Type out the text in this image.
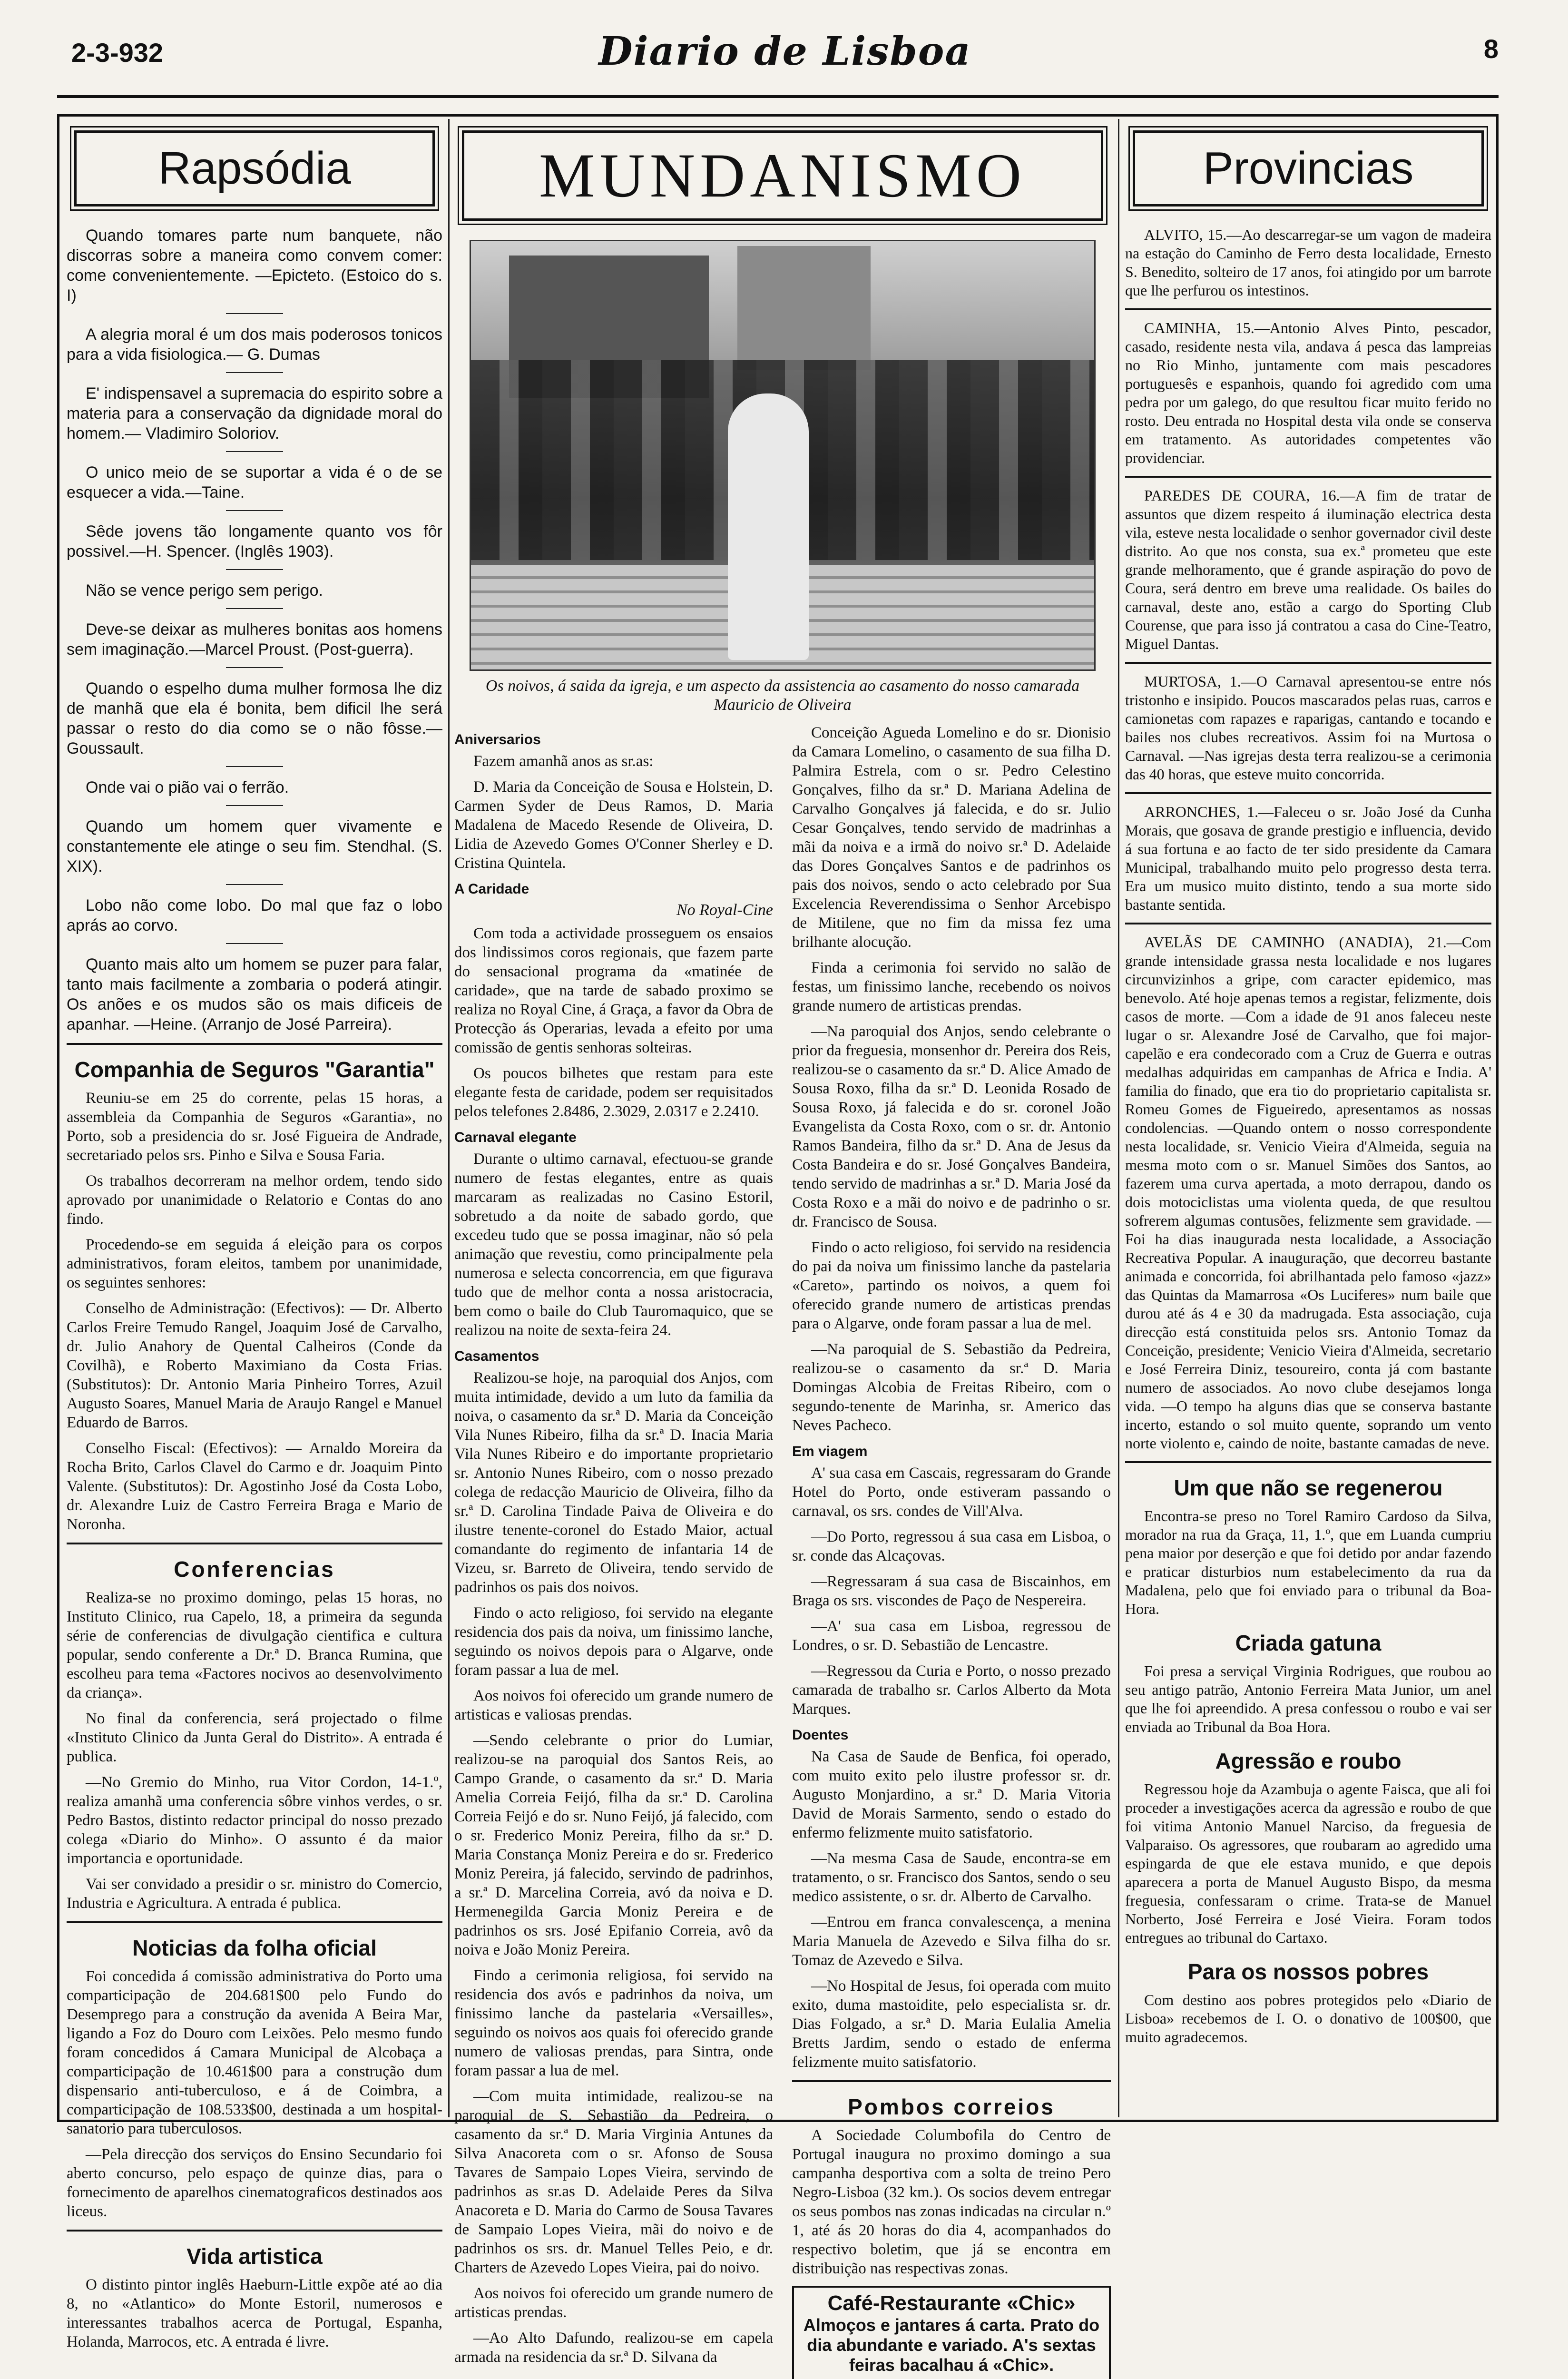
2-3-932	Diario de Lisboa	8
Rapsódia

Quando tomares parte num banquete, não discorras sobre a maneira como convem comer: come convenientemente. —Epicteto. (Estoico do s. I)

A alegria moral é um dos mais poderosos tonicos para a vida fisiologica.— G. Dumas

E' indispensavel a supremacia do espirito sobre a materia para a conservação da dignidade moral do homem.— Vladimiro Soloriov.

O unico meio de se suportar a vida é o de se esquecer a vida.—Taine.

Sêde jovens tão longamente quanto vos fôr possivel.—H. Spencer. (Inglês 1903).

Não se vence perigo sem perigo.

Deve-se deixar as mulheres bonitas aos homens sem imaginação.—Marcel Proust. (Post-guerra).

Quando o espelho duma mulher formosa lhe diz de manhã que ela é bonita, bem dificil lhe será passar o resto do dia como se o não fôsse.—Goussault.

Onde vai o pião vai o ferrão.

Quando um homem quer vivamente e constantemente ele atinge o seu fim. Stendhal. (S. XIX).

Lobo não come lobo. Do mal que faz o lobo aprás ao corvo.

Quanto mais alto um homem se puzer para falar, tanto mais facilmente a zombaria o poderá atingir. Os anões e os mudos são os mais dificeis de apanhar. —Heine. (Arranjo de José Parreira).

Companhia de Seguros "Garantia"

Reuniu-se em 25 do corrente, pelas 15 horas, a assembleia da Companhia de Seguros «Garantia», no Porto, sob a presidencia do sr. José Figueira de Andrade, secretariado pelos srs. Pinho e Silva e Sousa Faria.

Os trabalhos decorreram na melhor ordem, tendo sido aprovado por unanimidade o Relatorio e Contas do ano findo.

Procedendo-se em seguida á eleição para os corpos administrativos, foram eleitos, tambem por unanimidade, os seguintes senhores:

Conselho de Administração: (Efectivos): — Dr. Alberto Carlos Freire Temudo Rangel, Joaquim José de Carvalho, dr. Julio Anahory de Quental Calheiros (Conde da Covilhã), e Roberto Maximiano da Costa Frias. (Substitutos): Dr. Antonio Maria Pinheiro Torres, Azuil Augusto Soares, Manuel Maria de Araujo Rangel e Manuel Eduardo de Barros.

Conselho Fiscal: (Efectivos): — Arnaldo Moreira da Rocha Brito, Carlos Clavel do Carmo e dr. Joaquim Pinto Valente. (Substitutos): Dr. Agostinho José da Costa Lobo, dr. Alexandre Luiz de Castro Ferreira Braga e Mario de Noronha.

Conferencias

Realiza-se no proximo domingo, pelas 15 horas, no Instituto Clinico, rua Capelo, 18, a primeira da segunda série de conferencias de divulgação cientifica e cultura popular, sendo conferente a Dr.ª D. Branca Rumina, que escolheu para tema «Factores nocivos ao desenvolvimento da criança».

No final da conferencia, será projectado o filme «Instituto Clinico da Junta Geral do Distrito». A entrada é publica.

—No Gremio do Minho, rua Vitor Cordon, 14-1.º, realiza amanhã uma conferencia sôbre vinhos verdes, o sr. Pedro Bastos, distinto redactor principal do nosso prezado colega «Diario do Minho». O assunto é da maior importancia e oportunidade.

Vai ser convidado a presidir o sr. ministro do Comercio, Industria e Agricultura. A entrada é publica.

Noticias da folha oficial

Foi concedida á comissão administrativa do Porto uma comparticipação de 204.681$00 pelo Fundo do Desemprego para a construção da avenida A Beira Mar, ligando a Foz do Douro com Leixões. Pelo mesmo fundo foram concedidos á Camara Municipal de Alcobaça a comparticipação de 10.461$00 para a construção dum dispensario anti-tuberculoso, e á de Coimbra, a comparticipação de 108.533$00, destinada a um hospital-sanatorio para tuberculosos.

—Pela direcção dos serviços do Ensino Secundario foi aberto concurso, pelo espaço de quinze dias, para o fornecimento de aparelhos cinematograficos destinados aos liceus.

Vida artistica

O distinto pintor inglês Haeburn-Little expõe até ao dia 8, no «Atlantico» do Monte Estoril, numerosos e interessantes trabalhos acerca de Portugal, Espanha, Holanda, Marrocos, etc. A entrada é livre.

MUNDANISMO
Os noivos, á saida da igreja, e um aspecto da assistencia ao casamento do nosso camarada Mauricio de Oliveira
Aniversarios

Fazem amanhã anos as sr.as:

D. Maria da Conceição de Sousa e Holstein, D. Carmen Syder de Deus Ramos, D. Maria Madalena de Macedo Resende de Oliveira, D. Lidia de Azevedo Gomes O'Conner Sherley e D. Cristina Quintela.

A Caridade
No Royal-Cine

Com toda a actividade prosseguem os ensaios dos lindissimos coros regionais, que fazem parte do sensacional programa da «matinée de caridade», que na tarde de sabado proximo se realiza no Royal Cine, á Graça, a favor da Obra de Protecção ás Operarias, levada a efeito por uma comissão de gentis senhoras solteiras.

Os poucos bilhetes que restam para este elegante festa de caridade, podem ser requisitados pelos telefones 2.8486, 2.3029, 2.0317 e 2.2410.

Carnaval elegante

Durante o ultimo carnaval, efectuou-se grande numero de festas elegantes, entre as quais marcaram as realizadas no Casino Estoril, sobretudo a da noite de sabado gordo, que excedeu tudo que se possa imaginar, não só pela animação que revestiu, como principalmente pela numerosa e selecta concorrencia, em que figurava tudo que de melhor conta a nossa aristocracia, bem como o baile do Club Tauromaquico, que se realizou na noite de sexta-feira 24.

Casamentos

Realizou-se hoje, na paroquial dos Anjos, com muita intimidade, devido a um luto da familia da noiva, o casamento da sr.ª D. Maria da Conceição Vila Nunes Ribeiro, filha da sr.ª D. Inacia Maria Vila Nunes Ribeiro e do importante proprietario sr. Antonio Nunes Ribeiro, com o nosso prezado colega de redacção Mauricio de Oliveira, filho da sr.ª D. Carolina Tindade Paiva de Oliveira e do ilustre tenente-coronel do Estado Maior, actual comandante do regimento de infantaria 14 de Vizeu, sr. Barreto de Oliveira, tendo servido de padrinhos os pais dos noivos.

Findo o acto religioso, foi servido na elegante residencia dos pais da noiva, um finissimo lanche, seguindo os noivos depois para o Algarve, onde foram passar a lua de mel.

Aos noivos foi oferecido um grande numero de artisticas e valiosas prendas.

—Sendo celebrante o prior do Lumiar, realizou-se na paroquial dos Santos Reis, ao Campo Grande, o casamento da sr.ª D. Maria Amelia Correia Feijó, filha da sr.ª D. Carolina Correia Feijó e do sr. Nuno Feijó, já falecido, com o sr. Frederico Moniz Pereira, filho da sr.ª D. Maria Constança Moniz Pereira e do sr. Frederico Moniz Pereira, já falecido, servindo de padrinhos, a sr.ª D. Marcelina Correia, avó da noiva e D. Hermenegilda Garcia Moniz Pereira e de padrinhos os srs. José Epifanio Correia, avô da noiva e João Moniz Pereira.

Findo a cerimonia religiosa, foi servido na residencia dos avós e padrinhos da noiva, um finissimo lanche da pastelaria «Versailles», seguindo os noivos aos quais foi oferecido grande numero de valiosas prendas, para Sintra, onde foram passar a lua de mel.

—Com muita intimidade, realizou-se na paroquial de S. Sebastião da Pedreira, o casamento da sr.ª D. Maria Virginia Antunes da Silva Anacoreta com o sr. Afonso de Sousa Tavares de Sampaio Lopes Vieira, servindo de padrinhos as sr.as D. Adelaide Peres da Silva Anacoreta e D. Maria do Carmo de Sousa Tavares de Sampaio Lopes Vieira, mãi do noivo e de padrinhos os srs. dr. Manuel Telles Peio, e dr. Charters de Azevedo Lopes Vieira, pai do noivo.

Aos noivos foi oferecido um grande numero de artisticas prendas.

—Ao Alto Dafundo, realizou-se em capela armada na residencia da sr.ª D. Silvana da

Conceição Agueda Lomelino e do sr. Dionisio da Camara Lomelino, o casamento de sua filha D. Palmira Estrela, com o sr. Pedro Celestino Gonçalves, filho da sr.ª D. Mariana Adelina de Carvalho Gonçalves já falecida, e do sr. Julio Cesar Gonçalves, tendo servido de madrinhas a mãi da noiva e a irmã do noivo sr.ª D. Adelaide das Dores Gonçalves Santos e de padrinhos os pais dos noivos, sendo o acto celebrado por Sua Excelencia Reverendissima o Senhor Arcebispo de Mitilene, que no fim da missa fez uma brilhante alocução.

Finda a cerimonia foi servido no salão de festas, um finissimo lanche, recebendo os noivos grande numero de artisticas prendas.

—Na paroquial dos Anjos, sendo celebrante o prior da freguesia, monsenhor dr. Pereira dos Reis, realizou-se o casamento da sr.ª D. Alice Amado de Sousa Roxo, filha da sr.ª D. Leonida Rosado de Sousa Roxo, já falecida e do sr. coronel João Evangelista da Costa Roxo, com o sr. dr. Antonio Ramos Bandeira, filho da sr.ª D. Ana de Jesus da Costa Bandeira e do sr. José Gonçalves Bandeira, tendo servido de madrinhas a sr.ª D. Maria José da Costa Roxo e a mãi do noivo e de padrinho o sr. dr. Francisco de Sousa.

Findo o acto religioso, foi servido na residencia do pai da noiva um finissimo lanche da pastelaria «Careto», partindo os noivos, a quem foi oferecido grande numero de artisticas prendas para o Algarve, onde foram passar a lua de mel.

—Na paroquial de S. Sebastião da Pedreira, realizou-se o casamento da sr.ª D. Maria Domingas Alcobia de Freitas Ribeiro, com o segundo-tenente de Marinha, sr. Americo das Neves Pacheco.

Em viagem

A' sua casa em Cascais, regressaram do Grande Hotel do Porto, onde estiveram passando o carnaval, os srs. condes de Vill'Alva.

—Do Porto, regressou á sua casa em Lisboa, o sr. conde das Alcaçovas.

—Regressaram á sua casa de Biscainhos, em Braga os srs. viscondes de Paço de Nespereira.

—A' sua casa em Lisboa, regressou de Londres, o sr. D. Sebastião de Lencastre.

—Regressou da Curia e Porto, o nosso prezado camarada de trabalho sr. Carlos Alberto da Mota Marques.

Doentes

Na Casa de Saude de Benfica, foi operado, com muito exito pelo ilustre professor sr. dr. Augusto Monjardino, a sr.ª D. Maria Vitoria David de Morais Sarmento, sendo o estado do enfermo felizmente muito satisfatorio.

—Na mesma Casa de Saude, encontra-se em tratamento, o sr. Francisco dos Santos, sendo o seu medico assistente, o sr. dr. Alberto de Carvalho.

—Entrou em franca convalescença, a menina Maria Manuela de Azevedo e Silva filha do sr. Tomaz de Azevedo e Silva.

—No Hospital de Jesus, foi operada com muito exito, duma mastoidite, pelo especialista sr. dr. Dias Folgado, a sr.ª D. Maria Eulalia Amelia Bretts Jardim, sendo o estado de enferma felizmente muito satisfatorio.

Pombos correios

A Sociedade Columbofila do Centro de Portugal inaugura no proximo domingo a sua campanha desportiva com a solta de treino Pero Negro-Lisboa (32 km.). Os socios devem entregar os seus pombos nas zonas indicadas na circular n.º 1, até ás 20 horas do dia 4, acompanhados do respectivo boletim, que já se encontra em distribuição nas respectivas zonas.

Café-Restaurante «Chic»
Almoços e jantares á carta. Prato do dia abundante e variado. A's sextas feiras bacalhau á «Chic».
Provincias

ALVITO, 15.—Ao descarregar-se um vagon de madeira na estação do Caminho de Ferro desta localidade, Ernesto S. Benedito, solteiro de 17 anos, foi atingido por um barrote que lhe perfurou os intestinos.

CAMINHA, 15.—Antonio Alves Pinto, pescador, casado, residente nesta vila, andava á pesca das lampreias no Rio Minho, juntamente com mais pescadores portuguesês e espanhois, quando foi agredido com uma pedra por um galego, do que resultou ficar muito ferido no rosto. Deu entrada no Hospital desta vila onde se conserva em tratamento. As autoridades competentes vão providenciar.

PAREDES DE COURA, 16.—A fim de tratar de assuntos que dizem respeito á iluminação electrica desta vila, esteve nesta localidade o senhor governador civil deste distrito. Ao que nos consta, sua ex.ª prometeu que este grande melhoramento, que é grande aspiração do povo de Coura, será dentro em breve uma realidade. Os bailes do carnaval, deste ano, estão a cargo do Sporting Club Courense, que para isso já contratou a casa do Cine-Teatro, Miguel Dantas.

MURTOSA, 1.—O Carnaval apresentou-se entre nós tristonho e insipido. Poucos mascarados pelas ruas, carros e camionetas com rapazes e raparigas, cantando e tocando e bailes nos clubes recreativos. Assim foi na Murtosa o Carnaval. —Nas igrejas desta terra realizou-se a cerimonia das 40 horas, que esteve muito concorrida.

ARRONCHES, 1.—Faleceu o sr. João José da Cunha Morais, que gosava de grande prestigio e influencia, devido á sua fortuna e ao facto de ter sido presidente da Camara Municipal, trabalhando muito pelo progresso desta terra. Era um musico muito distinto, tendo a sua morte sido bastante sentida.

AVELÃS DE CAMINHO (ANADIA), 21.—Com grande intensidade grassa nesta localidade e nos lugares circunvizinhos a gripe, com caracter epidemico, mas benevolo. Até hoje apenas temos a registar, felizmente, dois casos de morte. —Com a idade de 91 anos faleceu neste lugar o sr. Alexandre José de Carvalho, que foi major-capelão e era condecorado com a Cruz de Guerra e outras medalhas adquiridas em campanhas de Africa e India. A' familia do finado, que era tio do proprietario capitalista sr. Romeu Gomes de Figueiredo, apresentamos as nossas condolencias. —Quando ontem o nosso correspondente nesta localidade, sr. Venicio Vieira d'Almeida, seguia na mesma moto com o sr. Manuel Simões dos Santos, ao fazerem uma curva apertada, a moto derrapou, dando os dois motociclistas uma violenta queda, de que resultou sofrerem algumas contusões, felizmente sem gravidade. —Foi ha dias inaugurada nesta localidade, a Associação Recreativa Popular. A inauguração, que decorreu bastante animada e concorrida, foi abrilhantada pelo famoso «jazz» das Quintas da Mamarrosa «Os Luciferes» num baile que durou até ás 4 e 30 da madrugada. Esta associação, cuja direcção está constituida pelos srs. Antonio Tomaz da Conceição, presidente; Venicio Vieira d'Almeida, secretario e José Ferreira Diniz, tesoureiro, conta já com bastante numero de associados. Ao novo clube desejamos longa vida. —O tempo ha alguns dias que se conserva bastante incerto, estando o sol muito quente, soprando um vento norte violento e, caindo de noite, bastante camadas de neve.

Um que não se regenerou

Encontra-se preso no Torel Ramiro Cardoso da Silva, morador na rua da Graça, 11, 1.º, que em Luanda cumpriu pena maior por deserção e que foi detido por andar fazendo e praticar disturbios num estabelecimento da rua da Madalena, pelo que foi enviado para o tribunal da Boa-Hora.

Criada gatuna

Foi presa a serviçal Virginia Rodrigues, que roubou ao seu antigo patrão, Antonio Ferreira Mata Junior, um anel que lhe foi apreendido. A presa confessou o roubo e vai ser enviada ao Tribunal da Boa Hora.

Agressão e roubo

Regressou hoje da Azambuja o agente Faisca, que ali foi proceder a investigações acerca da agressão e roubo de que foi vitima Antonio Manuel Narciso, da freguesia de Valparaiso. Os agressores, que roubaram ao agredido uma espingarda de que ele estava munido, e que depois aparecera a porta de Manuel Augusto Bispo, da mesma freguesia, confessaram o crime. Trata-se de Manuel Norberto, José Ferreira e José Vieira. Foram todos entregues ao tribunal do Cartaxo.

Para os nossos pobres

Com destino aos pobres protegidos pelo «Diario de Lisboa» recebemos de I. O. o donativo de 100$00, que muito agradecemos.
